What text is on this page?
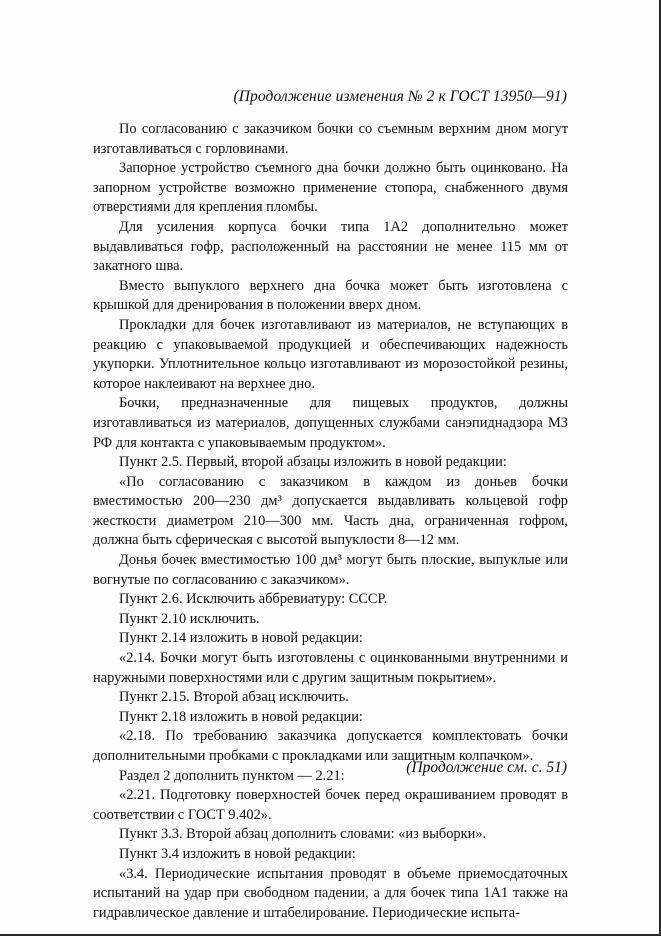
(Продолжение изменения № 2 к ГОСТ 13950—91)

По согласованию с заказчиком бочки со съемным верхним дном могут изготавливаться с горловинами.

Запорное устройство съемного дна бочки должно быть оцинковано. На запорном устройстве возможно применение стопора, снабженного двумя отверстиями для крепления пломбы.

Для усиления корпуса бочки типа 1А2 дополнительно может выдавливаться гофр, расположенный на расстоянии не менее 115 мм от закатного шва.

Вместо выпуклого верхнего дна бочка может быть изготовлена с крышкой для дренирования в положении вверх дном.

Прокладки для бочек изготавливают из материалов, не вступающих в реакцию с упаковываемой продукцией и обеспечивающих надежность укупорки. Уплотнительное кольцо изготавливают из морозостойкой резины, которое наклеивают на верхнее дно.

Бочки, предназначенные для пищевых продуктов, должны изготавливаться из материалов, допущенных службами санэпиднадзора МЗ РФ для контакта с упаковываемым продуктом».

Пункт 2.5. Первый, второй абзацы изложить в новой редакции:

«По согласованию с заказчиком в каждом из доньев бочки вместимостью 200—230 дм³ допускается выдавливать кольцевой гофр жесткости диаметром 210—300 мм. Часть дна, ограниченная гофром, должна быть сферическая с высотой выпуклости 8—12 мм.

Донья бочек вместимостью 100 дм³ могут быть плоские, выпуклые или вогнутые по согласованию с заказчиком».

Пункт 2.6. Исключить аббревиатуру: СССР.

Пункт 2.10 исключить.

Пункт 2.14 изложить в новой редакции:

«2.14. Бочки могут быть изготовлены с оцинкованными внутренними и наружными поверхностями или с другим защитным покрытием».

Пункт 2.15. Второй абзац исключить.

Пункт 2.18 изложить в новой редакции:

«2.18. По требованию заказчика допускается комплектовать бочки дополнительными пробками с прокладками или защитным колпачком».

Раздел 2 дополнить пунктом — 2.21:

«2.21. Подготовку поверхностей бочек перед окрашиванием проводят в соответствии с ГОСТ 9.402».

Пункт 3.3. Второй абзац дополнить словами: «из выборки».

Пункт 3.4 изложить в новой редакции:

«3.4. Периодические испытания проводят в объеме приемосдаточных испытаний на удар при свободном падении, а для бочек типа 1А1 также на гидравлическое давление и штабелирование. Периодические испыта-

(Продолжение см. с. 51)
